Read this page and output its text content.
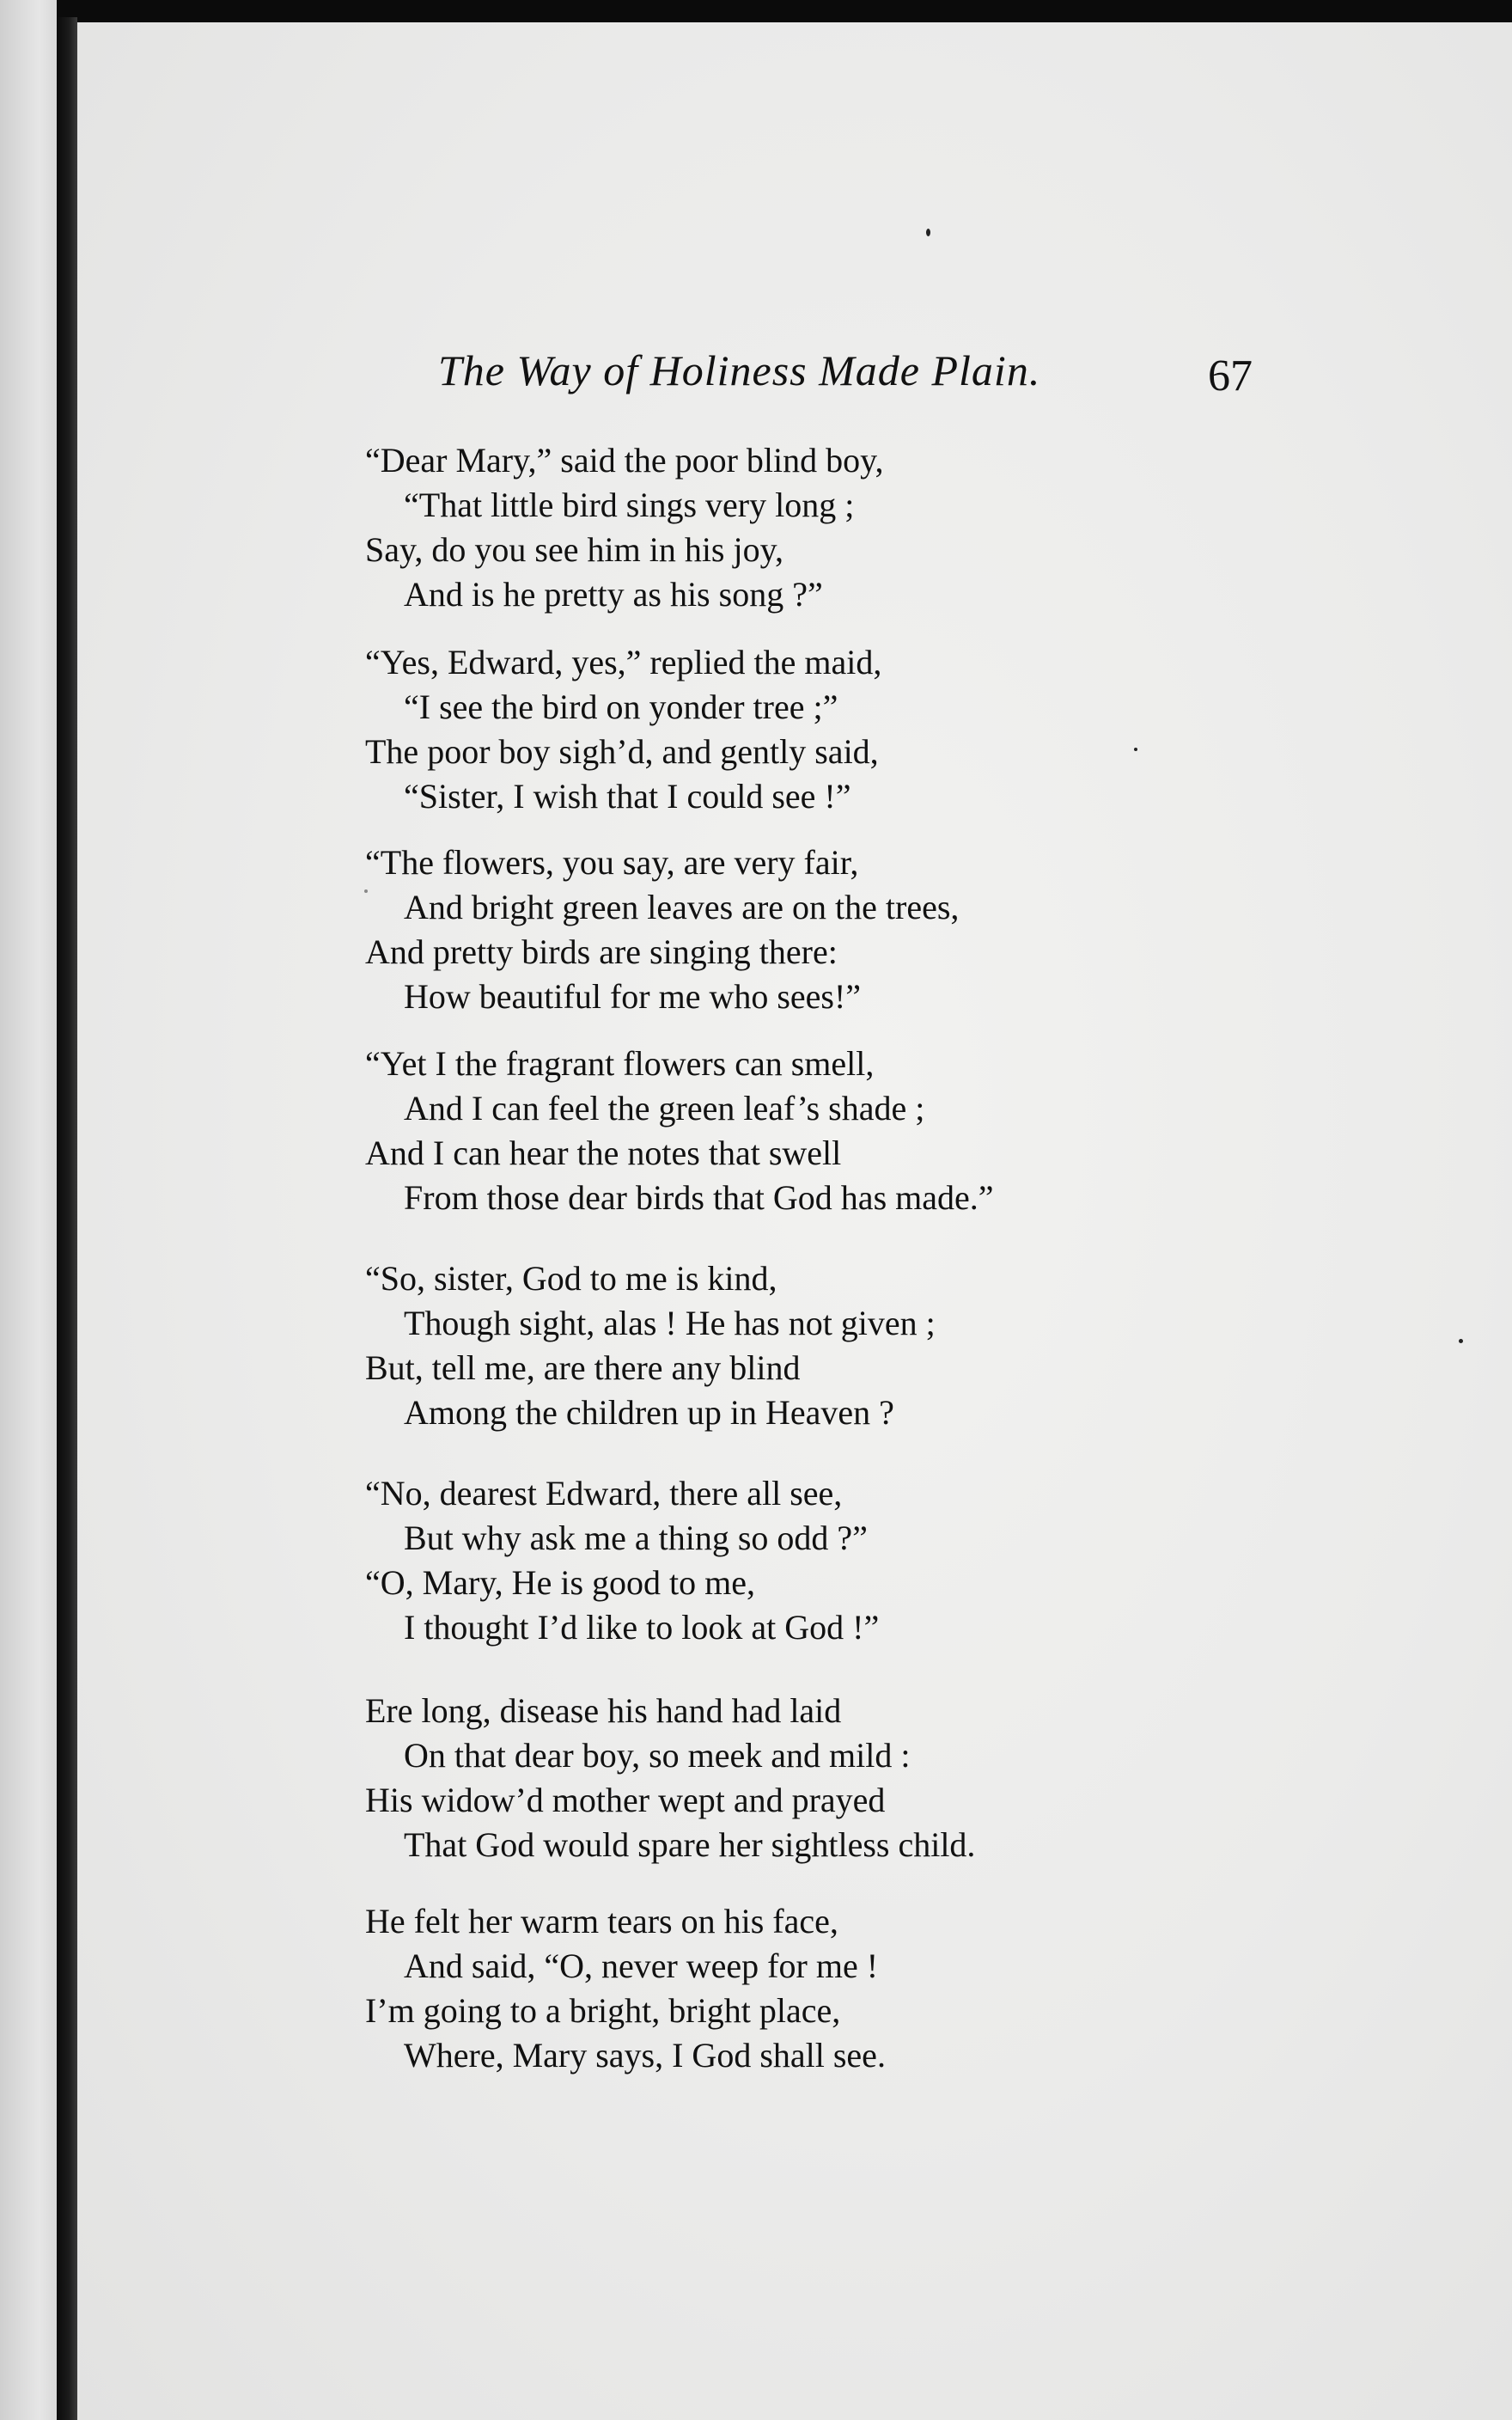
The Way of Holiness Made Plain.	67
“Dear Mary,” said the poor blind boy,
“That little bird sings very long ;
Say, do you see him in his joy,
And is he pretty as his song ?”
“Yes, Edward, yes,” replied the maid,
“I see the bird on yonder tree ;”
The poor boy sigh’d, and gently said,
“Sister, I wish that I could see !”
“The flowers, you say, are very fair,
And bright green leaves are on the trees,
And pretty birds are singing there:
How beautiful for me who sees!”
“Yet I the fragrant flowers can smell,
And I can feel the green leaf’s shade ;
And I can hear the notes that swell
From those dear birds that God has made.”
“So, sister, God to me is kind,
Though sight, alas ! He has not given ;
But, tell me, are there any blind
Among the children up in Heaven ?
“No, dearest Edward, there all see,
But why ask me a thing so odd ?”
“O, Mary, He is good to me,
I thought I’d like to look at God !”
Ere long, disease his hand had laid
On that dear boy, so meek and mild :
His widow’d mother wept and prayed
That God would spare her sightless child.
He felt her warm tears on his face,
And said, “O, never weep for me !
I’m going to a bright, bright place,
Where, Mary says, I God shall see.
